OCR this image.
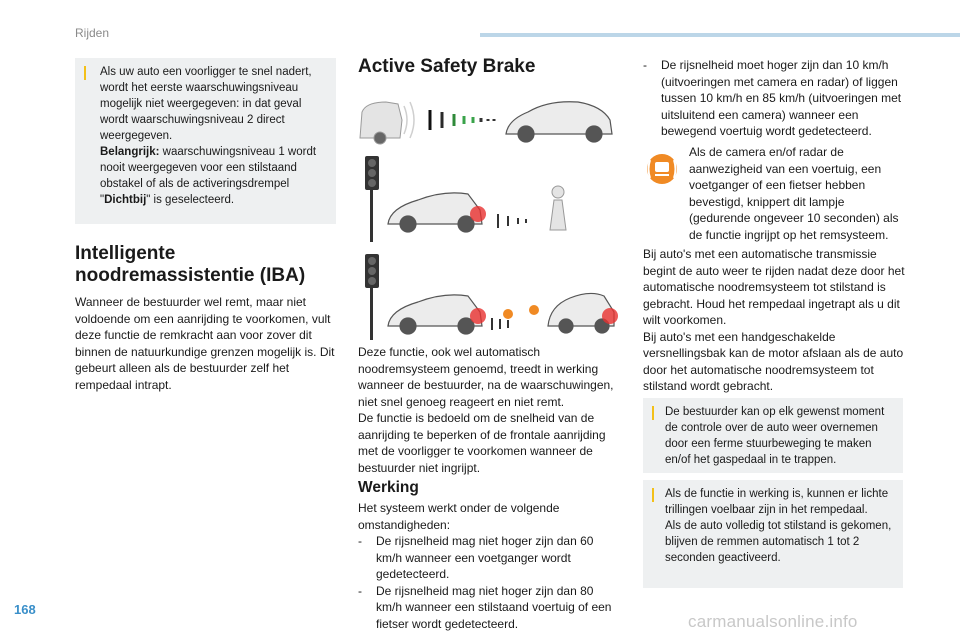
Rijden

Als uw auto een voorligger te snel nadert, wordt het eerste waarschuwingsniveau mogelijk niet weergegeven: in dat geval wordt waarschuwingsniveau 2 direct weergegeven.

Belangrijk: waarschuwingsniveau 1 wordt nooit weergegeven voor een stilstaand obstakel of als de activeringsdrempel "Dichtbij" is geselecteerd.

Intelligente
noodremassistentie (IBA)
Wanneer de bestuurder wel remt, maar niet voldoende om een aanrijding te voorkomen, vult deze functie de remkracht aan voor zover dit binnen de natuurkundige grenzen mogelijk is. Dit gebeurt alleen als de bestuurder zelf het rempedaal intrapt.
Active Safety Brake

Deze functie, ook wel automatisch noodremsysteem genoemd, treedt in werking wanneer de bestuurder, na de waarschuwingen, niet snel genoeg reageert en niet remt.

De functie is bedoeld om de snelheid van de aanrijding te beperken of de frontale aanrijding met de voorligger te voorkomen wanneer de bestuurder niet ingrijpt.

Werking

Het systeem werkt onder de volgende omstandigheden:

-	De rijsnelheid mag niet hoger zijn dan 60 km/h wanneer een voetganger wordt gedetecteerd.
-	De rijsnelheid mag niet hoger zijn dan 80 km/h wanneer een stilstaand voertuig of een fietser wordt gedetecteerd.
-	De rijsnelheid moet hoger zijn dan 10 km/h (uitvoeringen met camera en radar) of liggen tussen 10 km/h en 85 km/h (uitvoeringen met uitsluitend een camera) wanneer een bewegend voertuig wordt gedetecteerd.
Als de camera en/of radar de aanwezigheid van een voertuig, een voetganger of een fietser hebben bevestigd, knippert dit lampje (gedurende ongeveer 10 seconden) als de functie ingrijpt op het remsysteem.

Bij auto's met een automatische transmissie begint de auto weer te rijden nadat deze door het automatische noodremsysteem tot stilstand is gebracht. Houd het rempedaal ingetrapt als u dit wilt voorkomen.

Bij auto's met een handgeschakelde versnellingsbak kan de motor afslaan als de auto door het automatische noodremsysteem tot stilstand wordt gebracht.

De bestuurder kan op elk gewenst moment de controle over de auto weer overnemen door een ferme stuurbeweging te maken en/of het gaspedaal in te trappen.

Als de functie in werking is, kunnen er lichte trillingen voelbaar zijn in het rempedaal.

Als de auto volledig tot stilstand is gekomen, blijven de remmen automatisch 1 tot 2 seconden geactiveerd.

168
carmanualsonline.info
